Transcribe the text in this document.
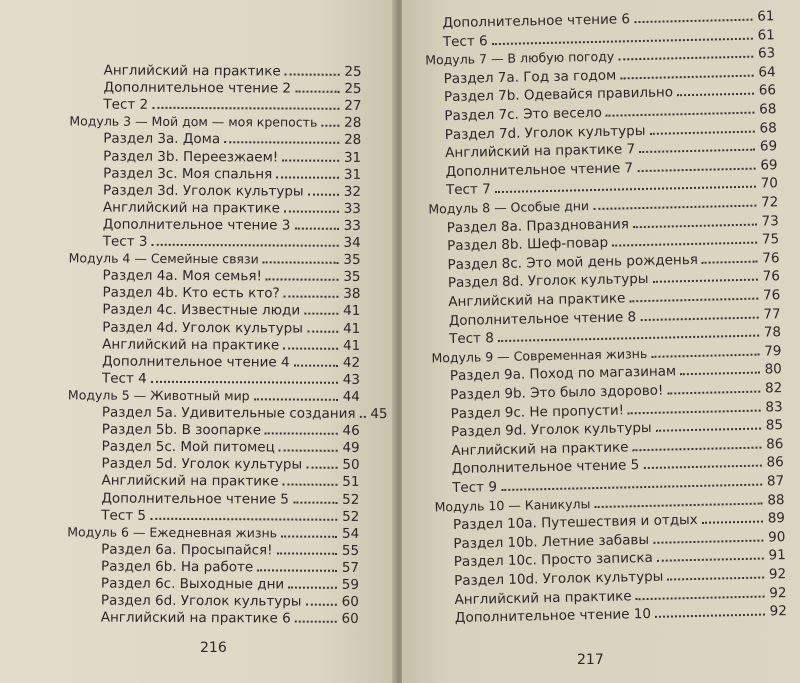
Английский на практике	25
Дополнительное чтение 2	25
Тест 2	27
Модуль 3 — Мой дом — моя крепость 28
Раздел 3a. Дома	28
Раздел 3b. Переезжаем!	31
Раздел 3c. Моя спальня	31
Раздел 3d. Уголок культуры	32
Английский на практике	33
Дополнительное чтение 3	33
Тест 3	34
Модуль 4 — Семейные связи	35
Раздел 4a. Моя семья!	35
Раздел 4b. Кто есть кто?	38
Раздел 4c. Известные люди	41
Раздел 4d. Уголок культуры	41
Английский на практике	41
Дополнительное чтение 4	42
Тест 4	43
Модуль 5 — Животный мир	44
Раздел 5a. Удивительные создания 45
Раздел 5b. В зоопарке	46
Раздел 5c. Мой питомец	49
Раздел 5d. Уголок культуры	50
Английский на практике	51
Дополнительное чтение 5	52
Тест 5	52
Модуль 6 — Ежедневная жизнь	54
Раздел 6a. Просыпайся!	55
Раздел 6b. На работе	57
Раздел 6c. Выходные дни	59
Раздел 6d. Уголок культуры	60
Английский на практике 6	60
216
Дополнительное чтение 6	61
Тест 6	61
Модуль 7 — В любую погоду	63
Раздел 7a. Год за годом	64
Раздел 7b. Одевайся правильно	66
Раздел 7c. Это весело	68
Раздел 7d. Уголок культуры	68
Английский на практике 7	69
Дополнительное чтение 7	69
Тест 7	70
Модуль 8 — Особые дни	72
Раздел 8a. Празднования	73
Раздел 8b. Шеф-повар	75
Раздел 8c. Это мой день рожденья	76
Раздел 8d. Уголок культуры	76
Английский на практике	76
Дополнительное чтение 8	77
Тест 8	78
Модуль 9 — Современная жизнь	79
Раздел 9a. Поход по магазинам	80
Раздел 9b. Это было здорово!	82
Раздел 9c. Не пропусти!	83
Раздел 9d. Уголок культуры	85
Английский на практике	86
Дополнительное чтение 5	86
Тест 9	87
Модуль 10 — Каникулы	88
Раздел 10a. Путешествия и отдых	89
Раздел 10b. Летние забавы	90
Раздел 10c. Просто записка	91
Раздел 10d. Уголок культуры	92
Английский на практике	92
Дополнительное чтение 10	92
217
